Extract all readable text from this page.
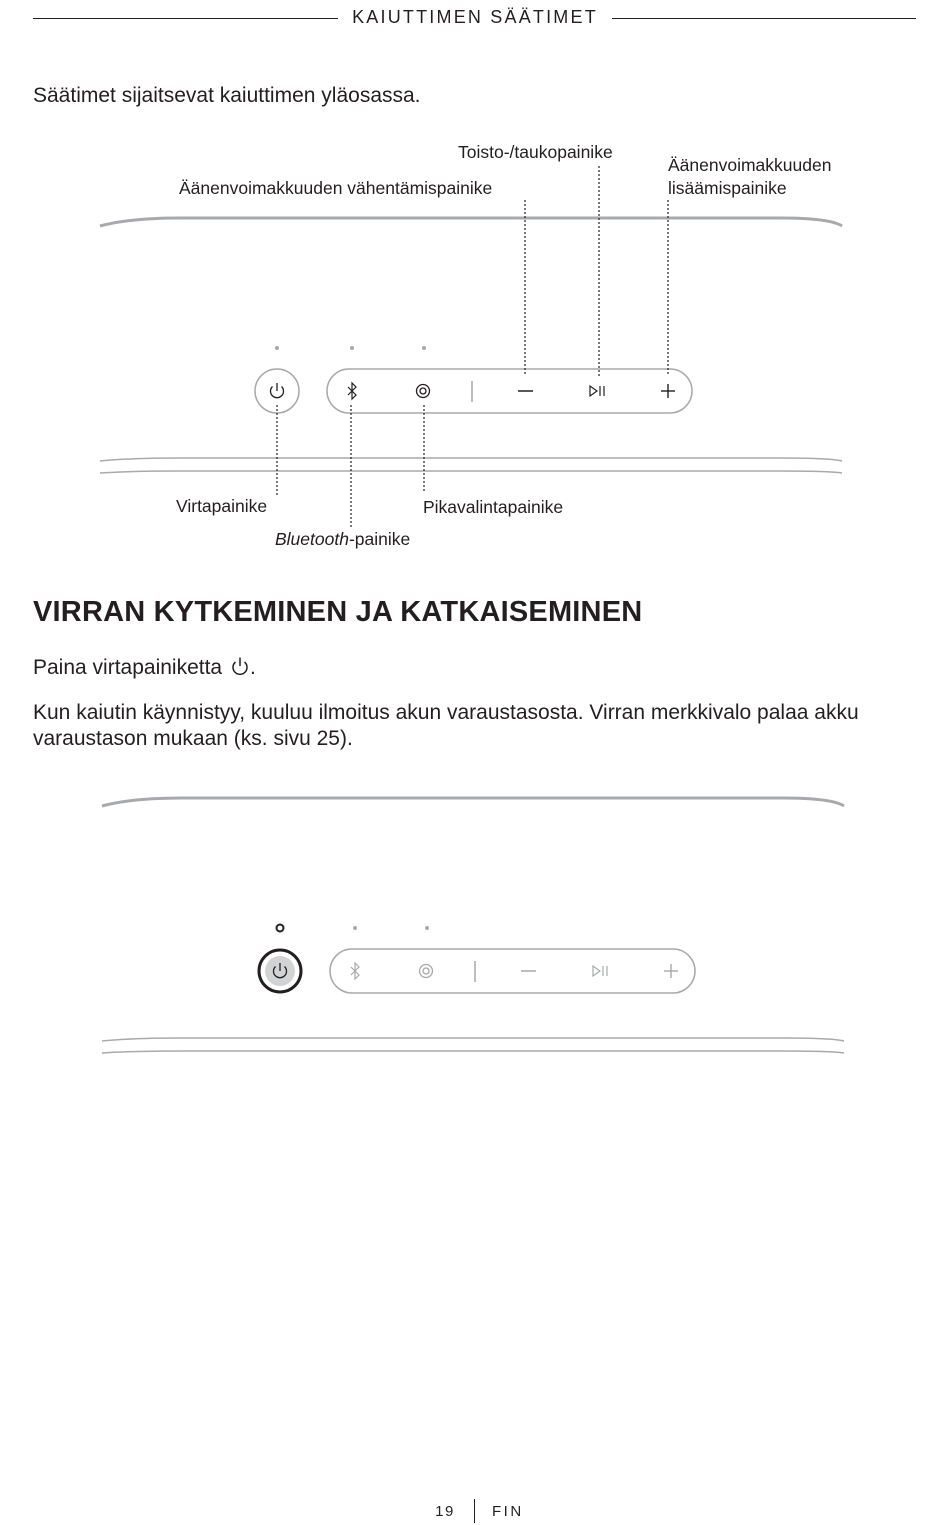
KAIUTTIMEN SÄÄTIMET
Säätimet sijaitsevat kaiuttimen yläosassa.
Toisto-/taukopainike
Äänenvoimakkuuden
lisäämispainike
Äänenvoimakkuuden vähentämispainike
Virtapainike	Pikavalintapainike
Bluetooth-painike
VIRRAN KYTKEMINEN JA KATKAISEMINEN
Paina virtapainiketta .
Kun kaiutin käynnistyy, kuuluu ilmoitus akun varaustasosta. Virran merkkivalo palaa akku varaustason mukaan (ks. sivu 25).
19	FIN
